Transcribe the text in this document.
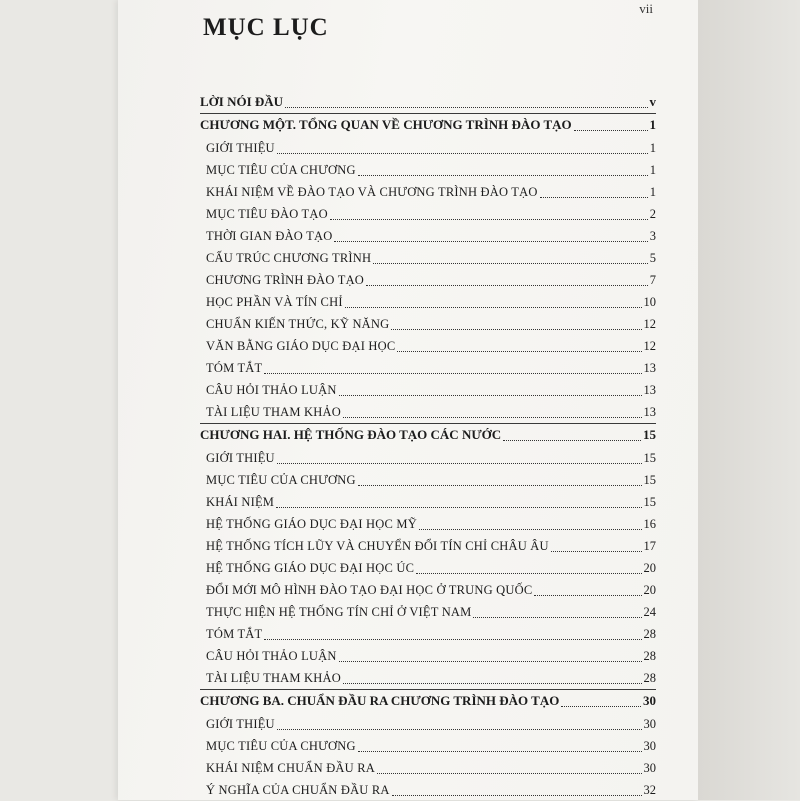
vii
MỤC LỤC
LỜI NÓI ĐẦU	v
CHƯƠNG MỘT. TỔNG QUAN VỀ CHƯƠNG TRÌNH ĐÀO TẠO	1
GIỚI THIỆU	1
MỤC TIÊU CỦA CHƯƠNG	1
KHÁI NIỆM VỀ ĐÀO TẠO VÀ CHƯƠNG TRÌNH ĐÀO TẠO	1
MỤC TIÊU ĐÀO TẠO	2
THỜI GIAN ĐÀO TẠO	3
CẤU TRÚC CHƯƠNG TRÌNH	5
CHƯƠNG TRÌNH ĐÀO TẠO	7
HỌC PHẦN VÀ TÍN CHỈ	10
CHUẨN KIẾN THỨC, KỸ NĂNG	12
VĂN BẰNG GIÁO DỤC ĐẠI HỌC	12
TÓM TẮT	13
CÂU HỎI THẢO LUẬN	13
TÀI LIỆU THAM KHẢO	13
CHƯƠNG HAI. HỆ THỐNG ĐÀO TẠO CÁC NƯỚC	15
GIỚI THIỆU	15
MỤC TIÊU CỦA CHƯƠNG	15
KHÁI NIỆM	15
HỆ THỐNG GIÁO DỤC ĐẠI HỌC MỸ	16
HỆ THỐNG TÍCH LŨY VÀ CHUYỂN ĐỔI TÍN CHỈ CHÂU ÂU	17
HỆ THỐNG GIÁO DỤC ĐẠI HỌC ÚC	20
ĐỔI MỚI MÔ HÌNH ĐÀO TẠO ĐẠI HỌC Ở TRUNG QUỐC	20
THỰC HIỆN HỆ THỐNG TÍN CHỈ Ở VIỆT NAM	24
TÓM TẮT	28
CÂU HỎI THẢO LUẬN	28
TÀI LIỆU THAM KHẢO	28
CHƯƠNG BA. CHUẨN ĐẦU RA CHƯƠNG TRÌNH ĐÀO TẠO	30
GIỚI THIỆU	30
MỤC TIÊU CỦA CHƯƠNG	30
KHÁI NIỆM CHUẨN ĐẦU RA	30
Ý NGHĨA CỦA CHUẨN ĐẦU RA	32
